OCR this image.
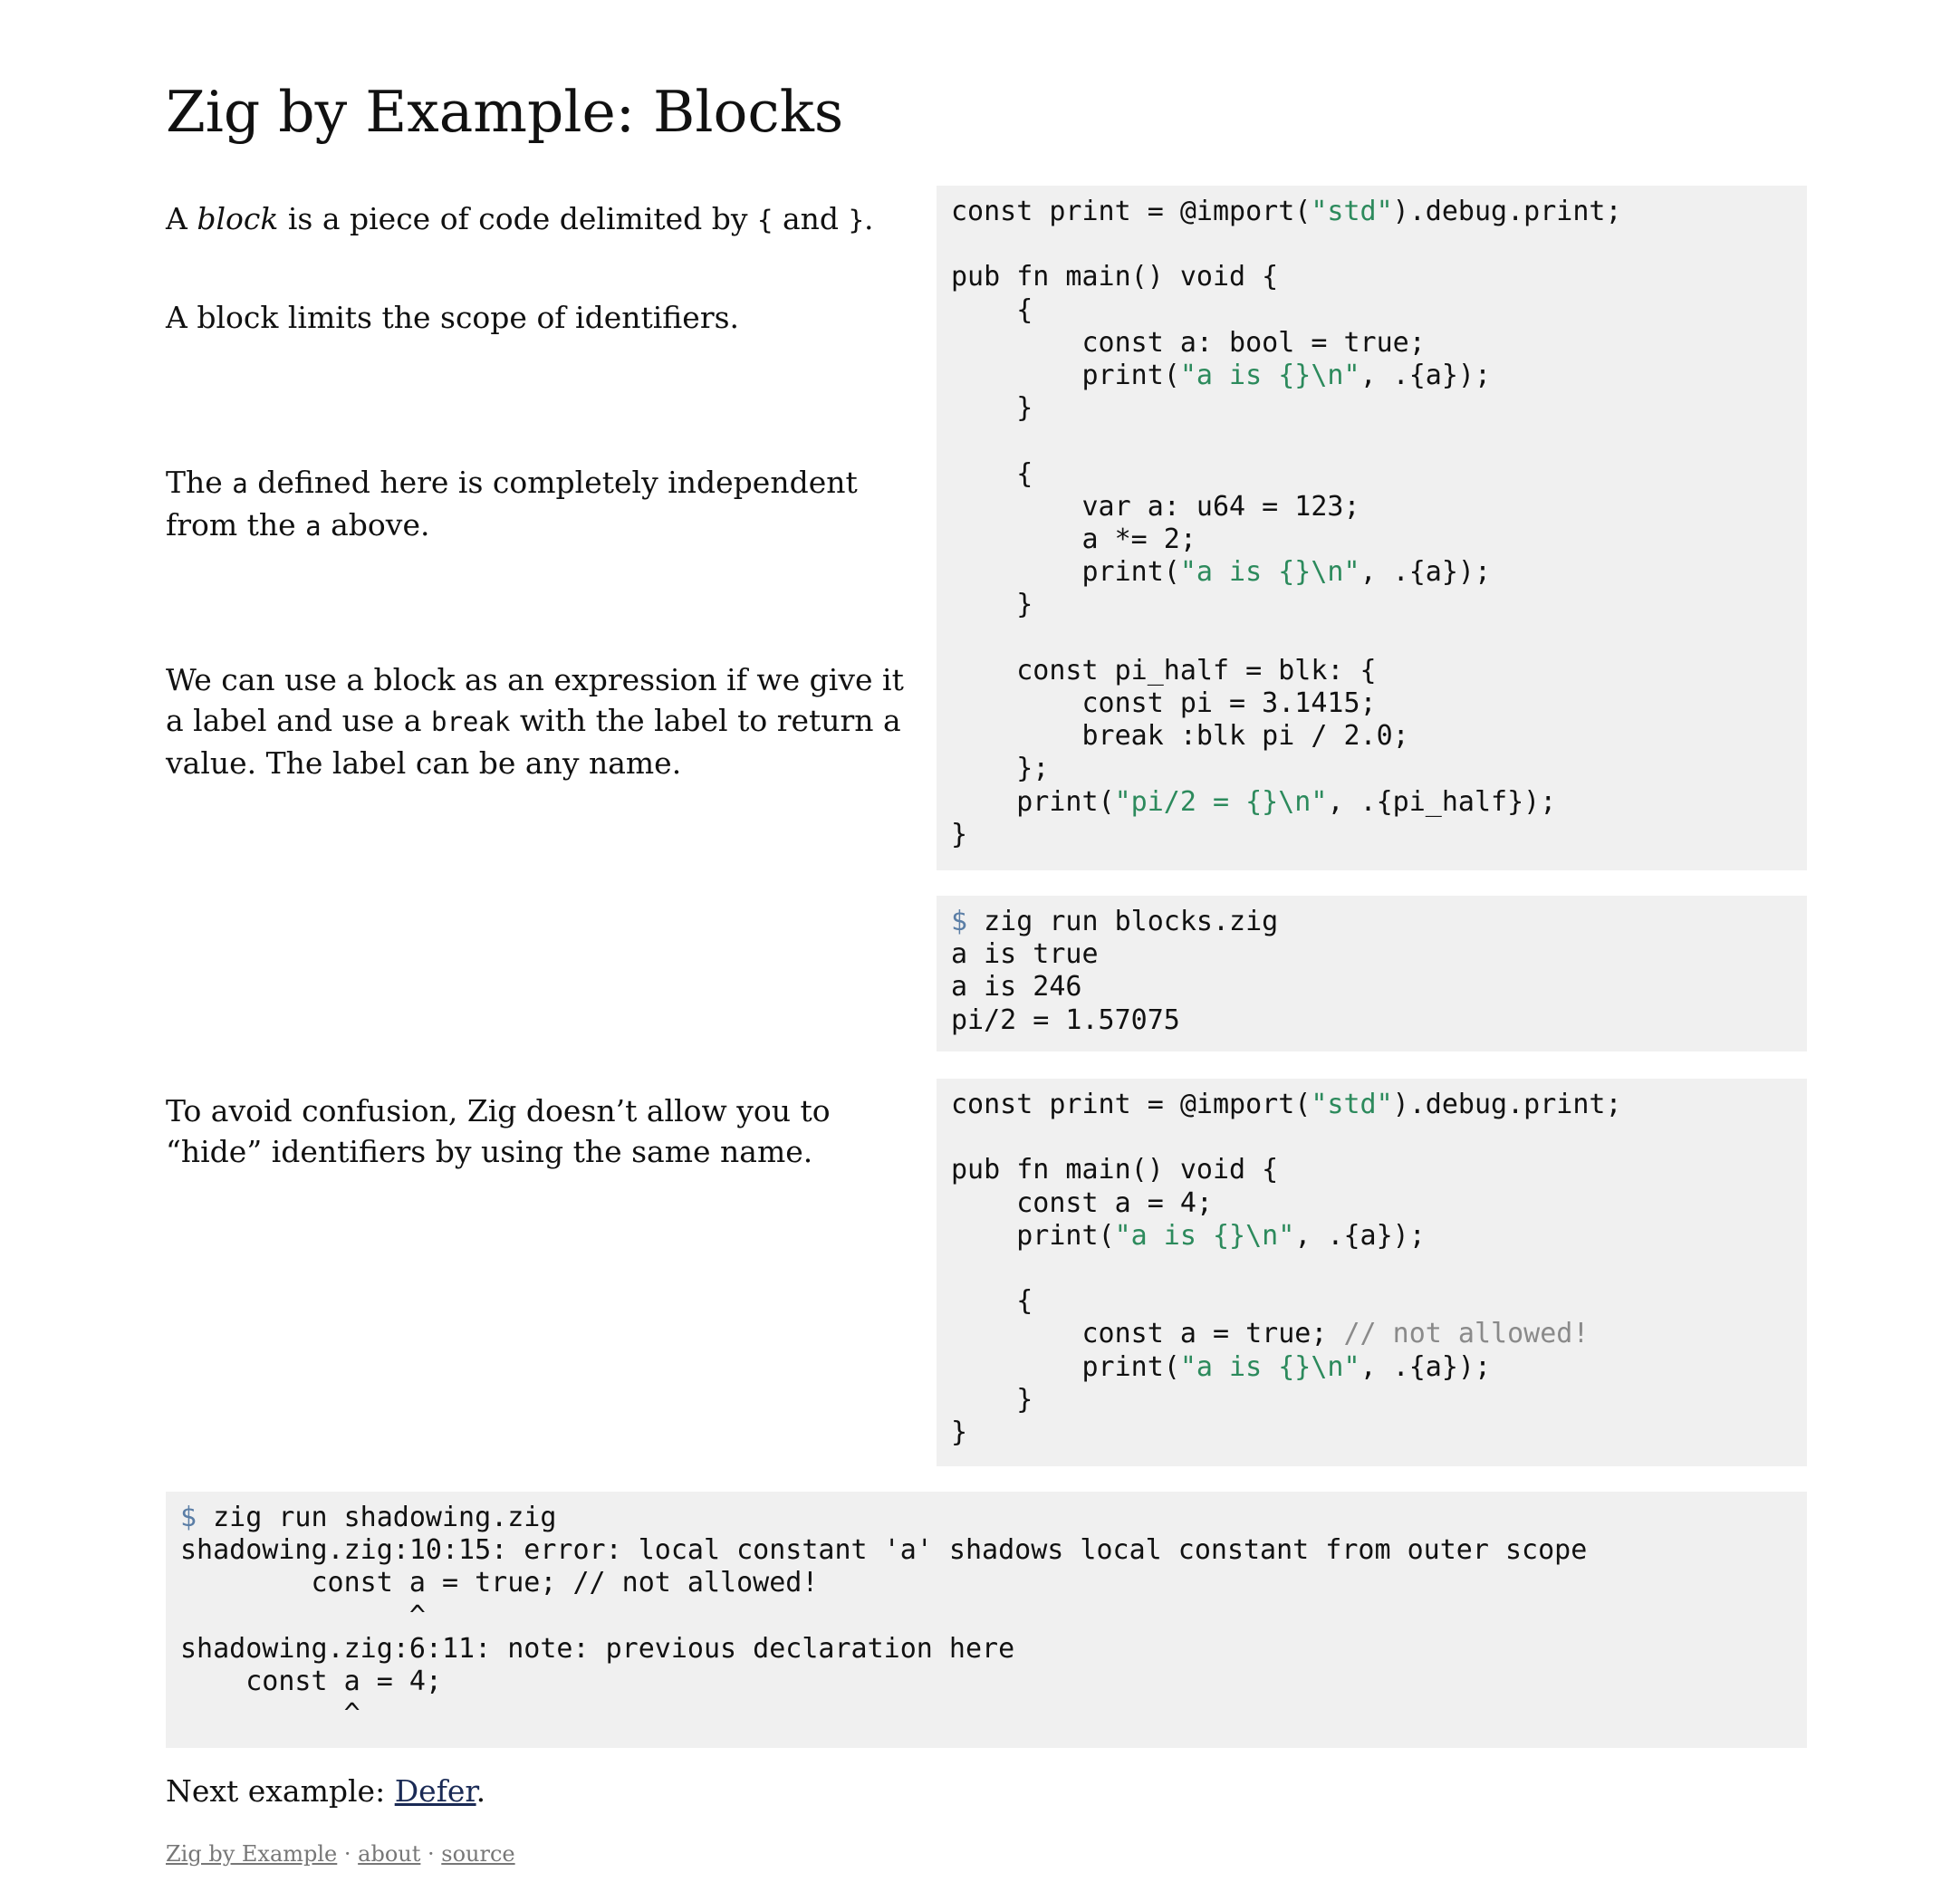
Zig by Example: Blocks

A block is a piece of code delimited by { and }.

A block limits the scope of identifiers.

The a defined here is completely independent from the a above.

We can use a block as an expression if we give it a label and use a break with the label to return a value. The label can be any name.

To avoid confusion, Zig doesn’t allow you to “hide” identifiers by using the same name.

const print = @import("std").debug.print;

pub fn main() void {
{
const a: bool = true;
print("a is {}\n", .{a});
}

{
var a: u64 = 123;
a *= 2;
print("a is {}\n", .{a});
}

const pi_half = blk: {
const pi = 3.1415;
break :blk pi / 2.0;
};
print("pi/2 = {}\n", .{pi_half});
}
$ zig run blocks.zig
a is true
a is 246
pi/2 = 1.57075
const print = @import("std").debug.print;

pub fn main() void {
const a = 4;
print("a is {}\n", .{a});

{
const a = true; // not allowed!
print("a is {}\n", .{a});
}
}
$ zig run shadowing.zig
shadowing.zig:10:15: error: local constant 'a' shadows local constant from outer scope
const a = true; // not allowed!
^
shadowing.zig:6:11: note: previous declaration here
const a = 4;
^

Next example: Defer.

Zig by Example · about · source
